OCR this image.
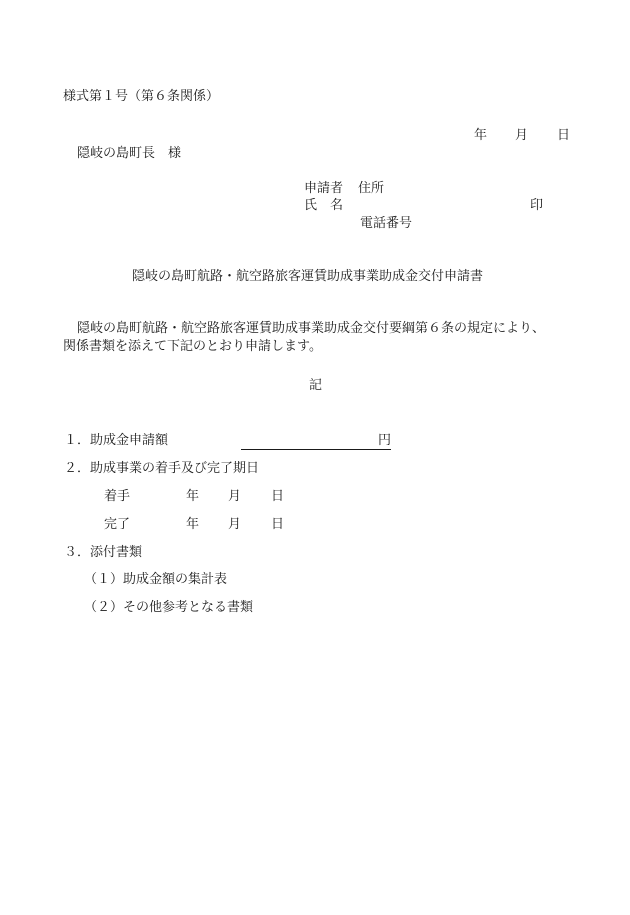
様式第１号（第６条関係）
年 月 日
隠岐の島町長　様
申請者 住所
氏　名	印
電話番号
隠岐の島町航路・航空路旅客運賃助成事業助成金交付申請書
隠岐の島町航路・航空路旅客運賃助成事業助成金交付要綱第６条の規定により、
関係書類を添えて下記のとおり申請します。
記
１．助成金申請額	円
２．助成事業の着手及び完了期日
着手	年 月 日
完了	年 月 日
３．添付書類
（１）助成金額の集計表
（２）その他参考となる書類
